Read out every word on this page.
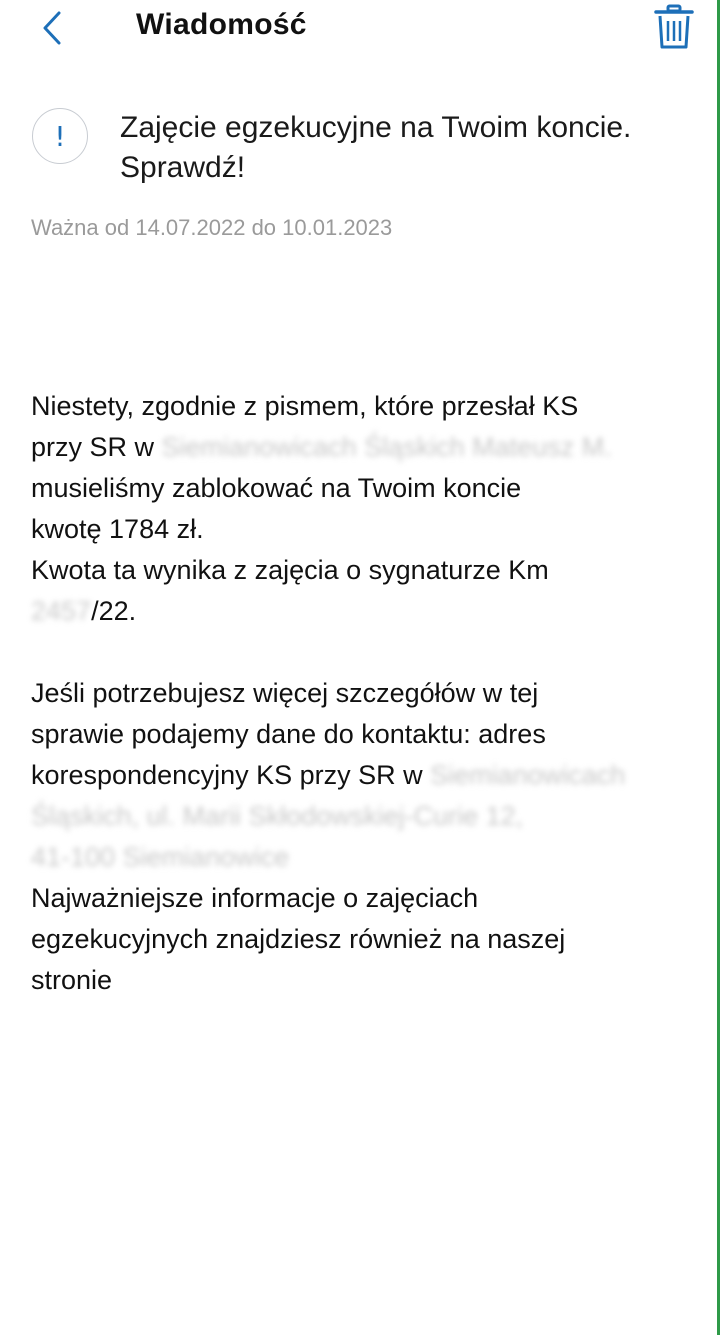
Wiadomość
! Zajęcie egzekucyjne na Twoim koncie. Sprawdź!
Ważna od 14.07.2022 do 10.01.2023

Niestety, zgodnie z pismem, które przesłał KS

przy SR w Siemianowicach Śląskich Mateusz M.

musieliśmy zablokować na Twoim koncie

kwotę 1784 zł.

Kwota ta wynika z zajęcia o sygnaturze Km

2457/22.

Jeśli potrzebujesz więcej szczegółów w tej

sprawie podajemy dane do kontaktu: adres

korespondencyjny KS przy SR w Siemianowicach

Śląskich, ul. Marii Skłodowskiej-Curie 12,

41-100 Siemianowice

Najważniejsze informacje o zajęciach

egzekucyjnych znajdziesz również na naszej

stronie
